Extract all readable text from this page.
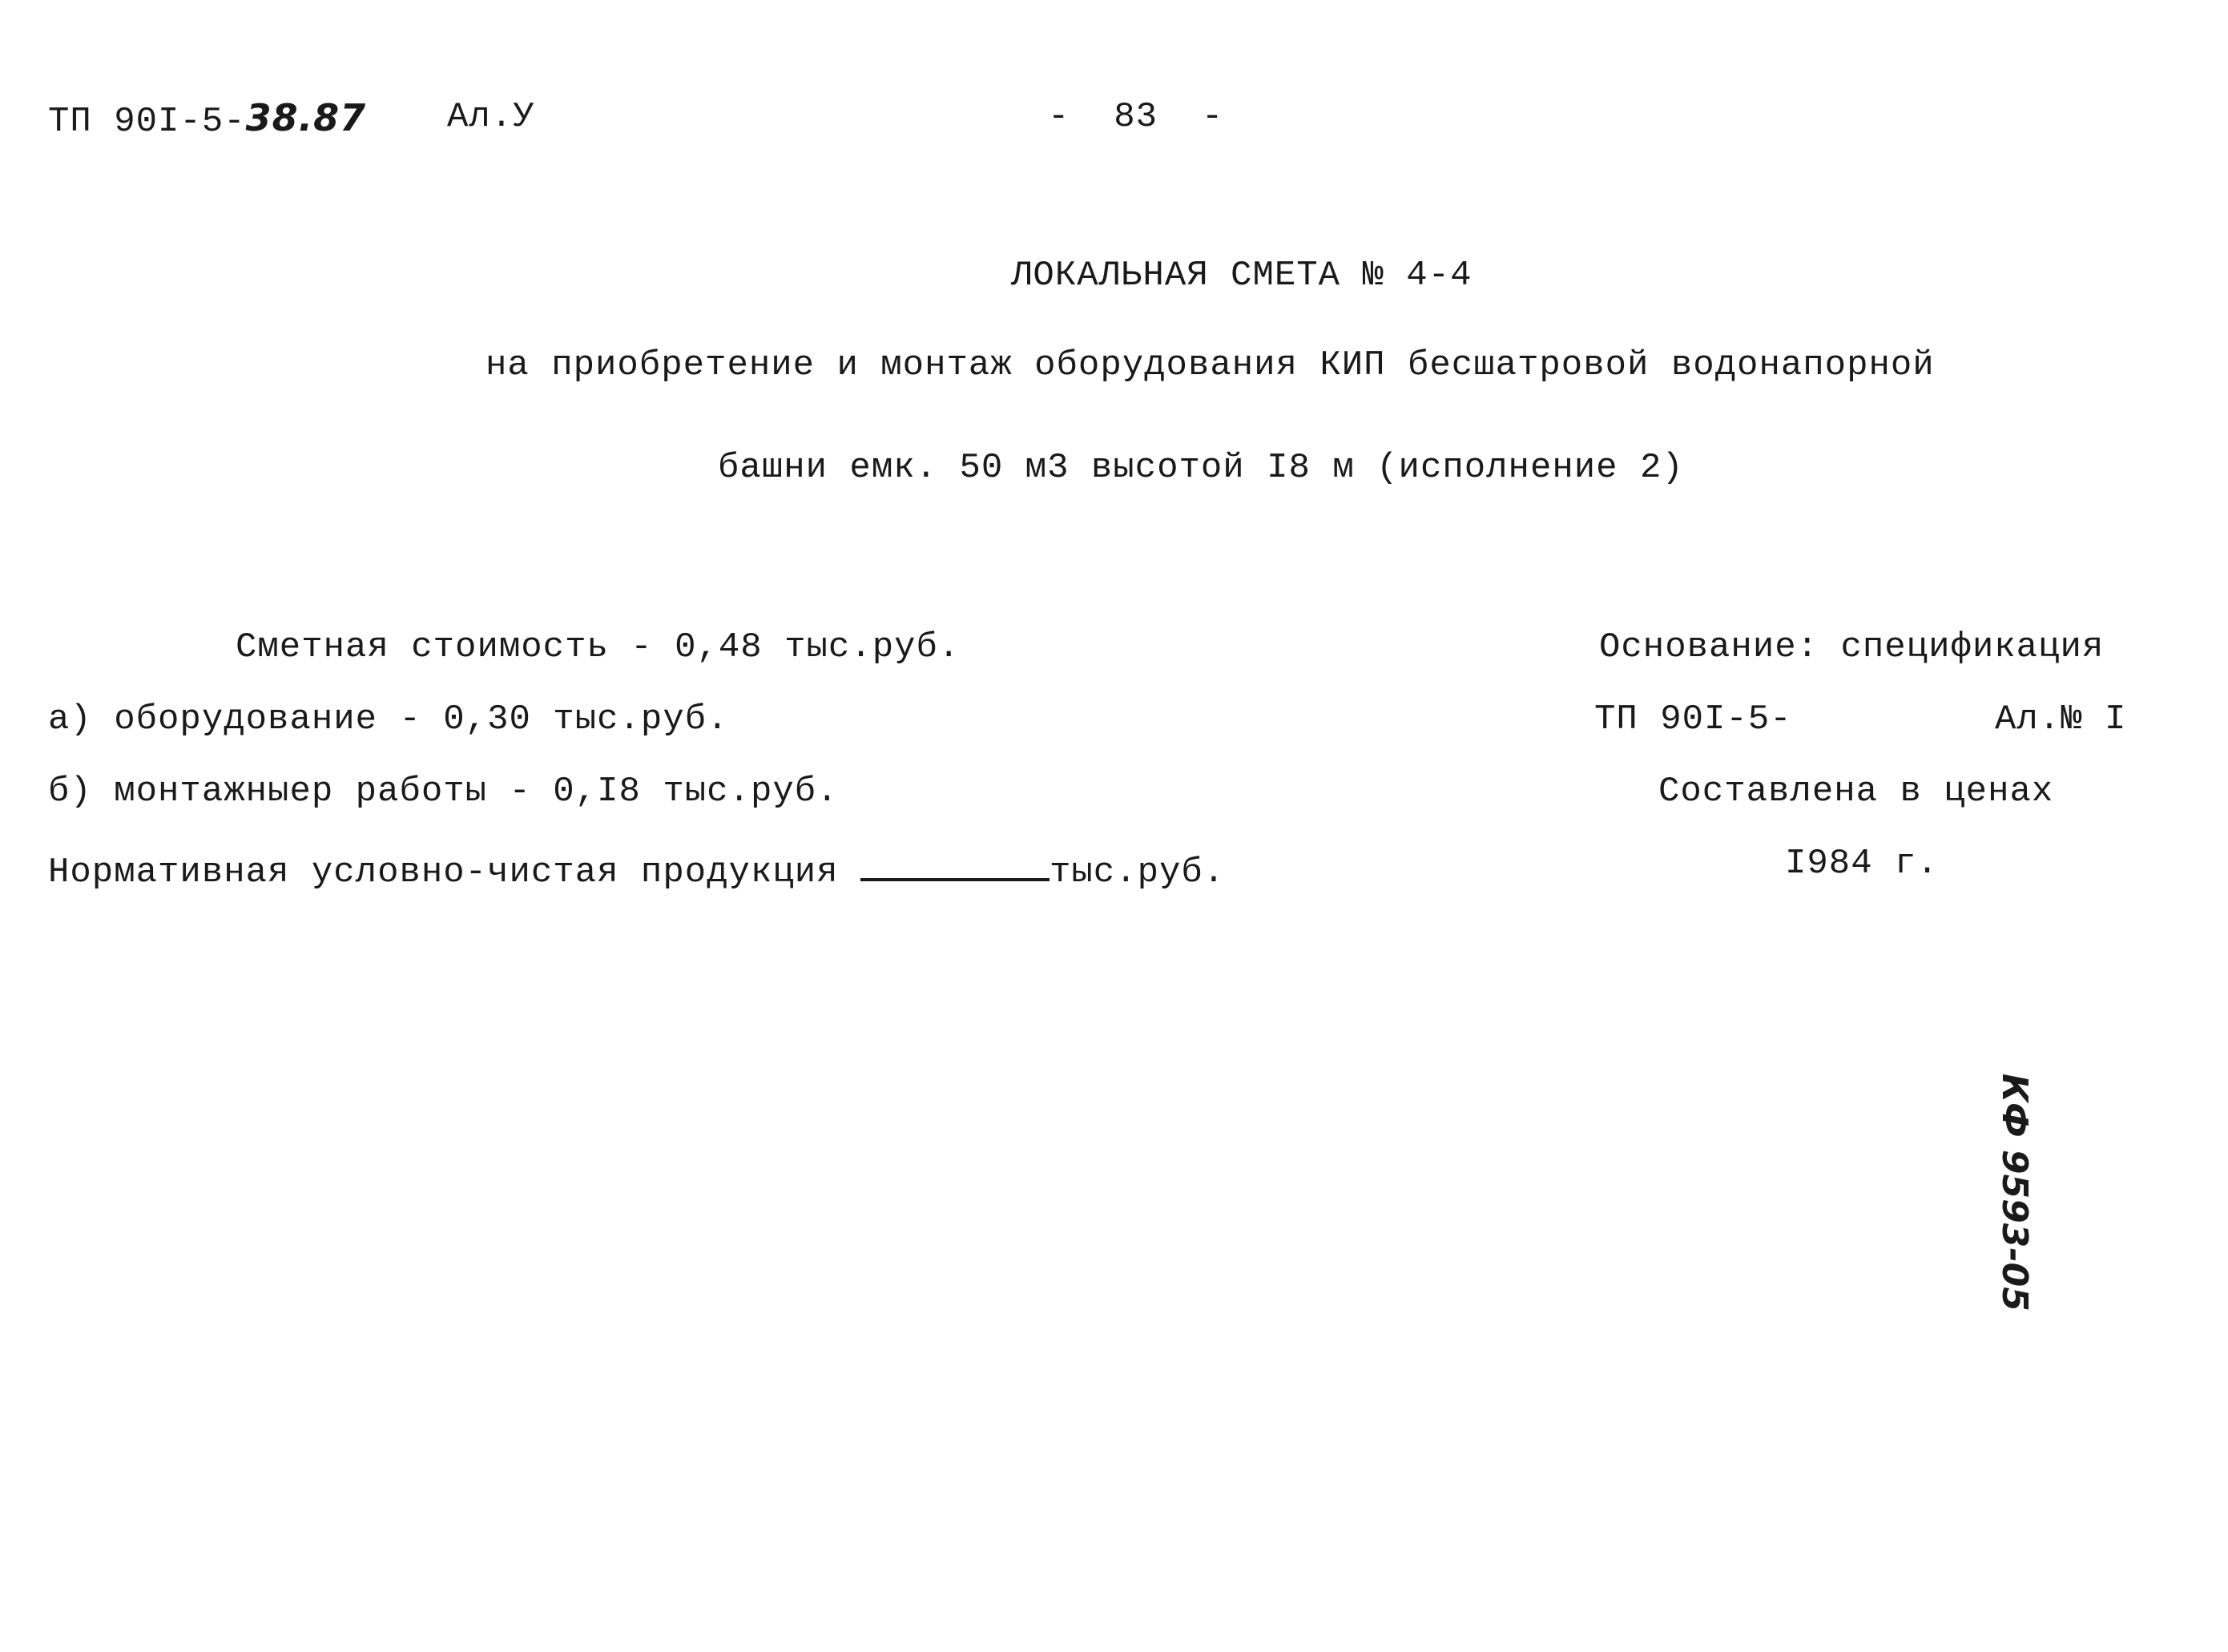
ТП 90I-5-38.87 Ал.У	-  83  -
ЛОКАЛЬНАЯ СМЕТА № 4-4
на приобретение и монтаж оборудования КИП бесшатровой водонапорной
башни емк. 50 м3 высотой I8 м (исполнение 2)
Сметная стоимость - 0,48 тыс.руб.
а) оборудование - 0,30 тыс.руб.
б) монтажныер работы - 0,I8 тыс.руб.
Нормативная условно-чистая продукция	тыс.руб.
Основание: спецификация
ТП 90I-5-	Ал.№ I
Составлена в ценах
I984 г.
КФ 9593-05
